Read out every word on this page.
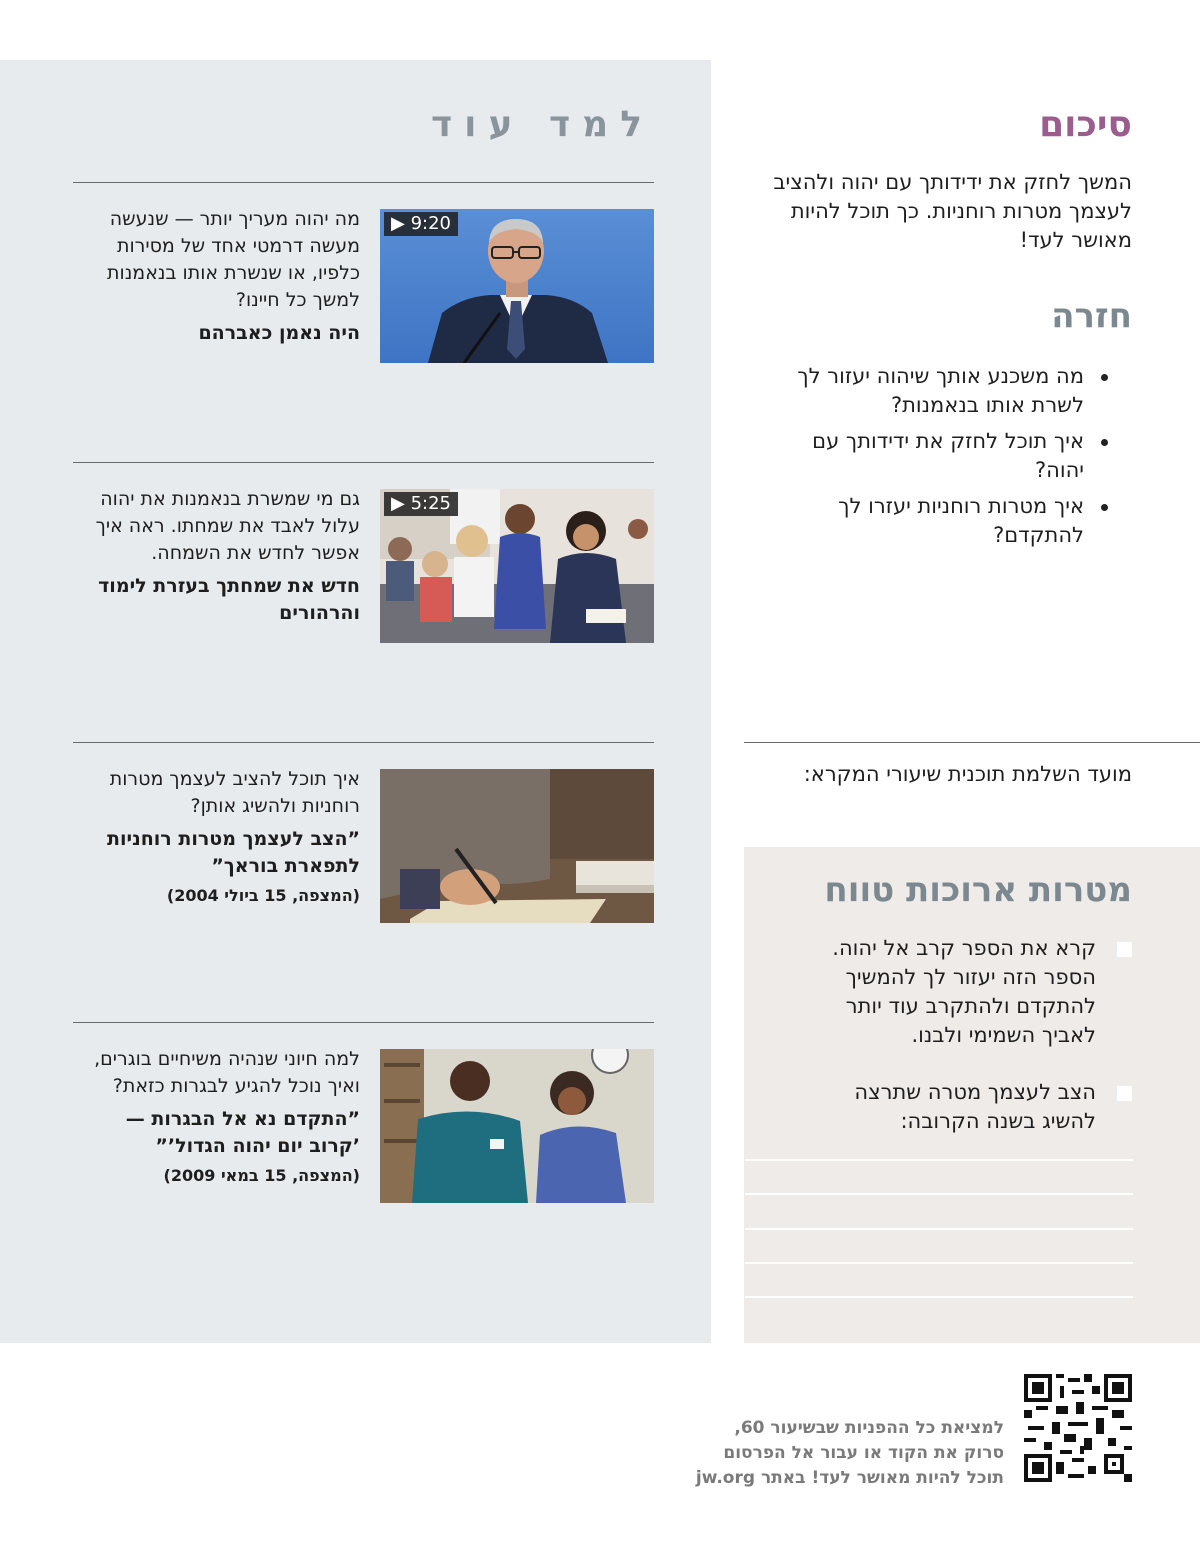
למד עוד
▶ 9:20

מה יהוה מעריך יותר — שנעשה מעשה דרמטי אחד של מסירות כלפיו, או שנשרת אותו בנאמנות למשך כל חיינו?

היה נאמן כאברהם

▶ 5:25

גם מי שמשרת בנאמנות את יהוה עלול לאבד את שמחתו. ראה איך אפשר לחדש את השמחה.

חדש את שמחתך בעזרת לימוד והרהורים

איך תוכל להציב לעצמך מטרות רוחניות ולהשיג אותן?

”הצב לעצמך מטרות רוחניות לתפארת בוראך”

(המצפה, 15 ביולי 2004)

למה חיוני שנהיה משיחיים בוגרים, ואיך נוכל להגיע לבגרות כזאת?

”התקדם נא אל הבגרות — ’קרוב יום יהוה הגדול’”

(המצפה, 15 במאי 2009)
סיכום
המשך לחזק את ידידותך עם יהוה ולהציב לעצמך מטרות רוחניות. כך תוכל להיות מאושר לעד!
חזרה
מה משכנע אותך שיהוה יעזור לך לשרת אותו בנאמנות?
איך תוכל לחזק את ידידותך עם יהוה?
איך מטרות רוחניות יעזרו לך להתקדם?
מועד השלמת תוכנית שיעורי המקרא:
מטרות ארוכות טווח
קרא את הספר קרב אל יהוה. הספר הזה יעזור לך להמשיך להתקדם ולהתקרב עוד יותר לאביך השמימי ולבנו.
הצב לעצמך מטרה שתרצה להשיג בשנה הקרובה:
למציאת כל ההפניות שבשיעור 60,
סרוק את הקוד או עבור אל הפרסום
תוכל להיות מאושר לעד! באתר jw.org
